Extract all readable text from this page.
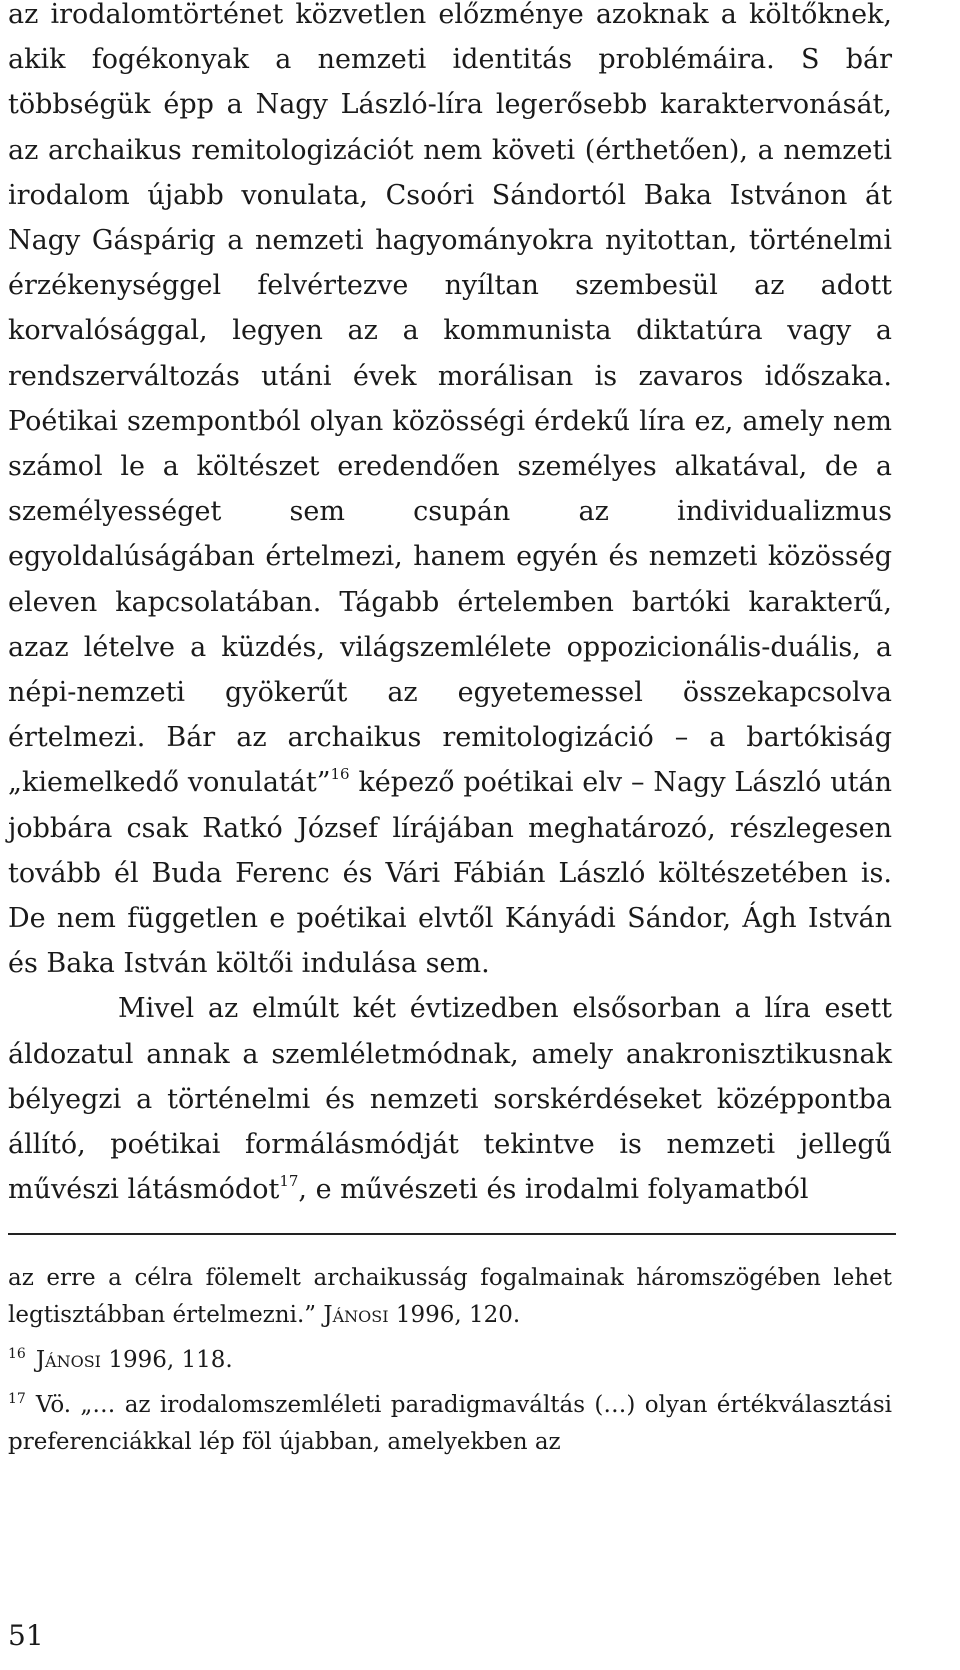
az irodalomtörténet közvetlen előzménye azoknak a költőknek, akik fogékonyak a nemzeti identitás problémáira. S bár többségük épp a Nagy László-líra legerősebb karaktervonását, az archaikus remitologizációt nem követi (érthetően), a nemzeti irodalom újabb vonulata, Csoóri Sándortól Baka Istvánon át Nagy Gáspárig a nemzeti hagyományokra nyitottan, történelmi érzékenységgel felvértezve nyíltan szembesül az adott korvalósággal, legyen az a kommunista diktatúra vagy a rendszerváltozás utáni évek morálisan is zavaros időszaka. Poétikai szempontból olyan közösségi érdekű líra ez, amely nem számol le a költészet eredendően személyes alkatával, de a személyességet sem csupán az individualizmus egyoldalúságában értelmezi, hanem egyén és nemzeti közösség eleven kapcsolatában. Tágabb értelemben bartóki karakterű, azaz lételve a küzdés, világszemlélete oppozicionális-duális, a népi-nemzeti gyökerűt az egyetemessel összekapcsolva értelmezi. Bár az archaikus remitologizáció – a bartókiság „kiemelkedő vonulatát”$^{16}$ képező poétikai elv – Nagy László után jobbára csak Ratkó József lírájában meghatározó, részlegesen tovább él Buda Ferenc és Vári Fábián László költészetében is. De nem független e poétikai elvtől Kányádi Sándor, Ágh István és Baka István költői indulása sem.

Mivel az elmúlt két évtizedben elsősorban a líra esett áldozatul annak a szemléletmódnak, amely anakronisztikusnak bélyegzi a történelmi és nemzeti sorskérdéseket középpontba állító, poétikai formálásmódját tekintve is nemzeti jellegű művészi látásmódot$^{17}$, e művészeti és irodalmi folyamatból

az erre a célra fölemelt archaikusság fogalmainak háromszögében lehet legtisztábban értelmezni.” Jánosi 1996, 120.

$^{16}$ Jánosi 1996, 118.

$^{17}$ Vö. „… az irodalomszemléleti paradigmaváltás (…) olyan értékválasztási preferenciákkal lép föl újabban, amelyekben az

51
